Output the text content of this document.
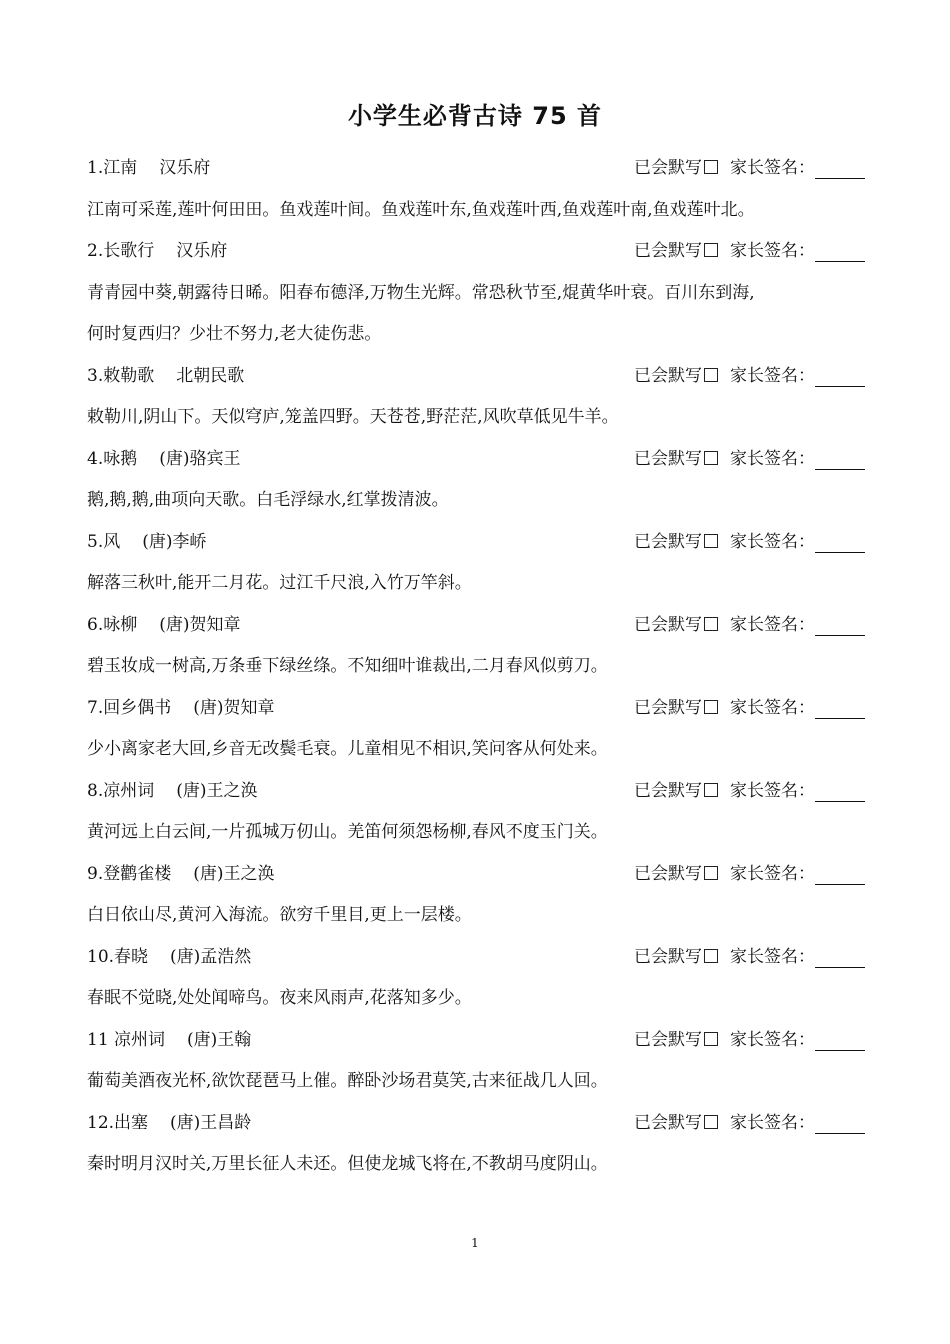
小学生必背古诗 75 首
1.江南 汉乐府	已会默写 家长签名：
江南可采莲,莲叶何田田。鱼戏莲叶间。鱼戏莲叶东,鱼戏莲叶西,鱼戏莲叶南,鱼戏莲叶北。
2.长歌行 汉乐府	已会默写 家长签名：
青青园中葵,朝露待日晞。阳春布德泽,万物生光辉。常恐秋节至,焜黄华叶衰。百川东到海,
何时复西归？少壮不努力,老大徒伤悲。
3.敕勒歌 北朝民歌	已会默写 家长签名：
敕勒川,阴山下。天似穹庐,笼盖四野。天苍苍,野茫茫,风吹草低见牛羊。
4.咏鹅 (唐)骆宾王	已会默写 家长签名：
鹅,鹅,鹅,曲项向天歌。白毛浮绿水,红掌拨清波。
5.风 (唐)李峤	已会默写 家长签名：
解落三秋叶,能开二月花。过江千尺浪,入竹万竿斜。
6.咏柳 (唐)贺知章	已会默写 家长签名：
碧玉妆成一树高,万条垂下绿丝绦。不知细叶谁裁出,二月春风似剪刀。
7.回乡偶书 (唐)贺知章	已会默写 家长签名：
少小离家老大回,乡音无改鬓毛衰。儿童相见不相识,笑问客从何处来。
8.凉州词 (唐)王之涣	已会默写 家长签名：
黄河远上白云间,一片孤城万仞山。羌笛何须怨杨柳,春风不度玉门关。
9.登鹳雀楼 (唐)王之涣	已会默写 家长签名：
白日依山尽,黄河入海流。欲穷千里目,更上一层楼。
10.春晓 (唐)孟浩然	已会默写 家长签名：
春眠不觉晓,处处闻啼鸟。夜来风雨声,花落知多少。
11 凉州词 (唐)王翰	已会默写 家长签名：
葡萄美酒夜光杯,欲饮琵琶马上催。醉卧沙场君莫笑,古来征战几人回。
12.出塞 (唐)王昌龄	已会默写 家长签名：
秦时明月汉时关,万里长征人未还。但使龙城飞将在,不教胡马度阴山。
1
